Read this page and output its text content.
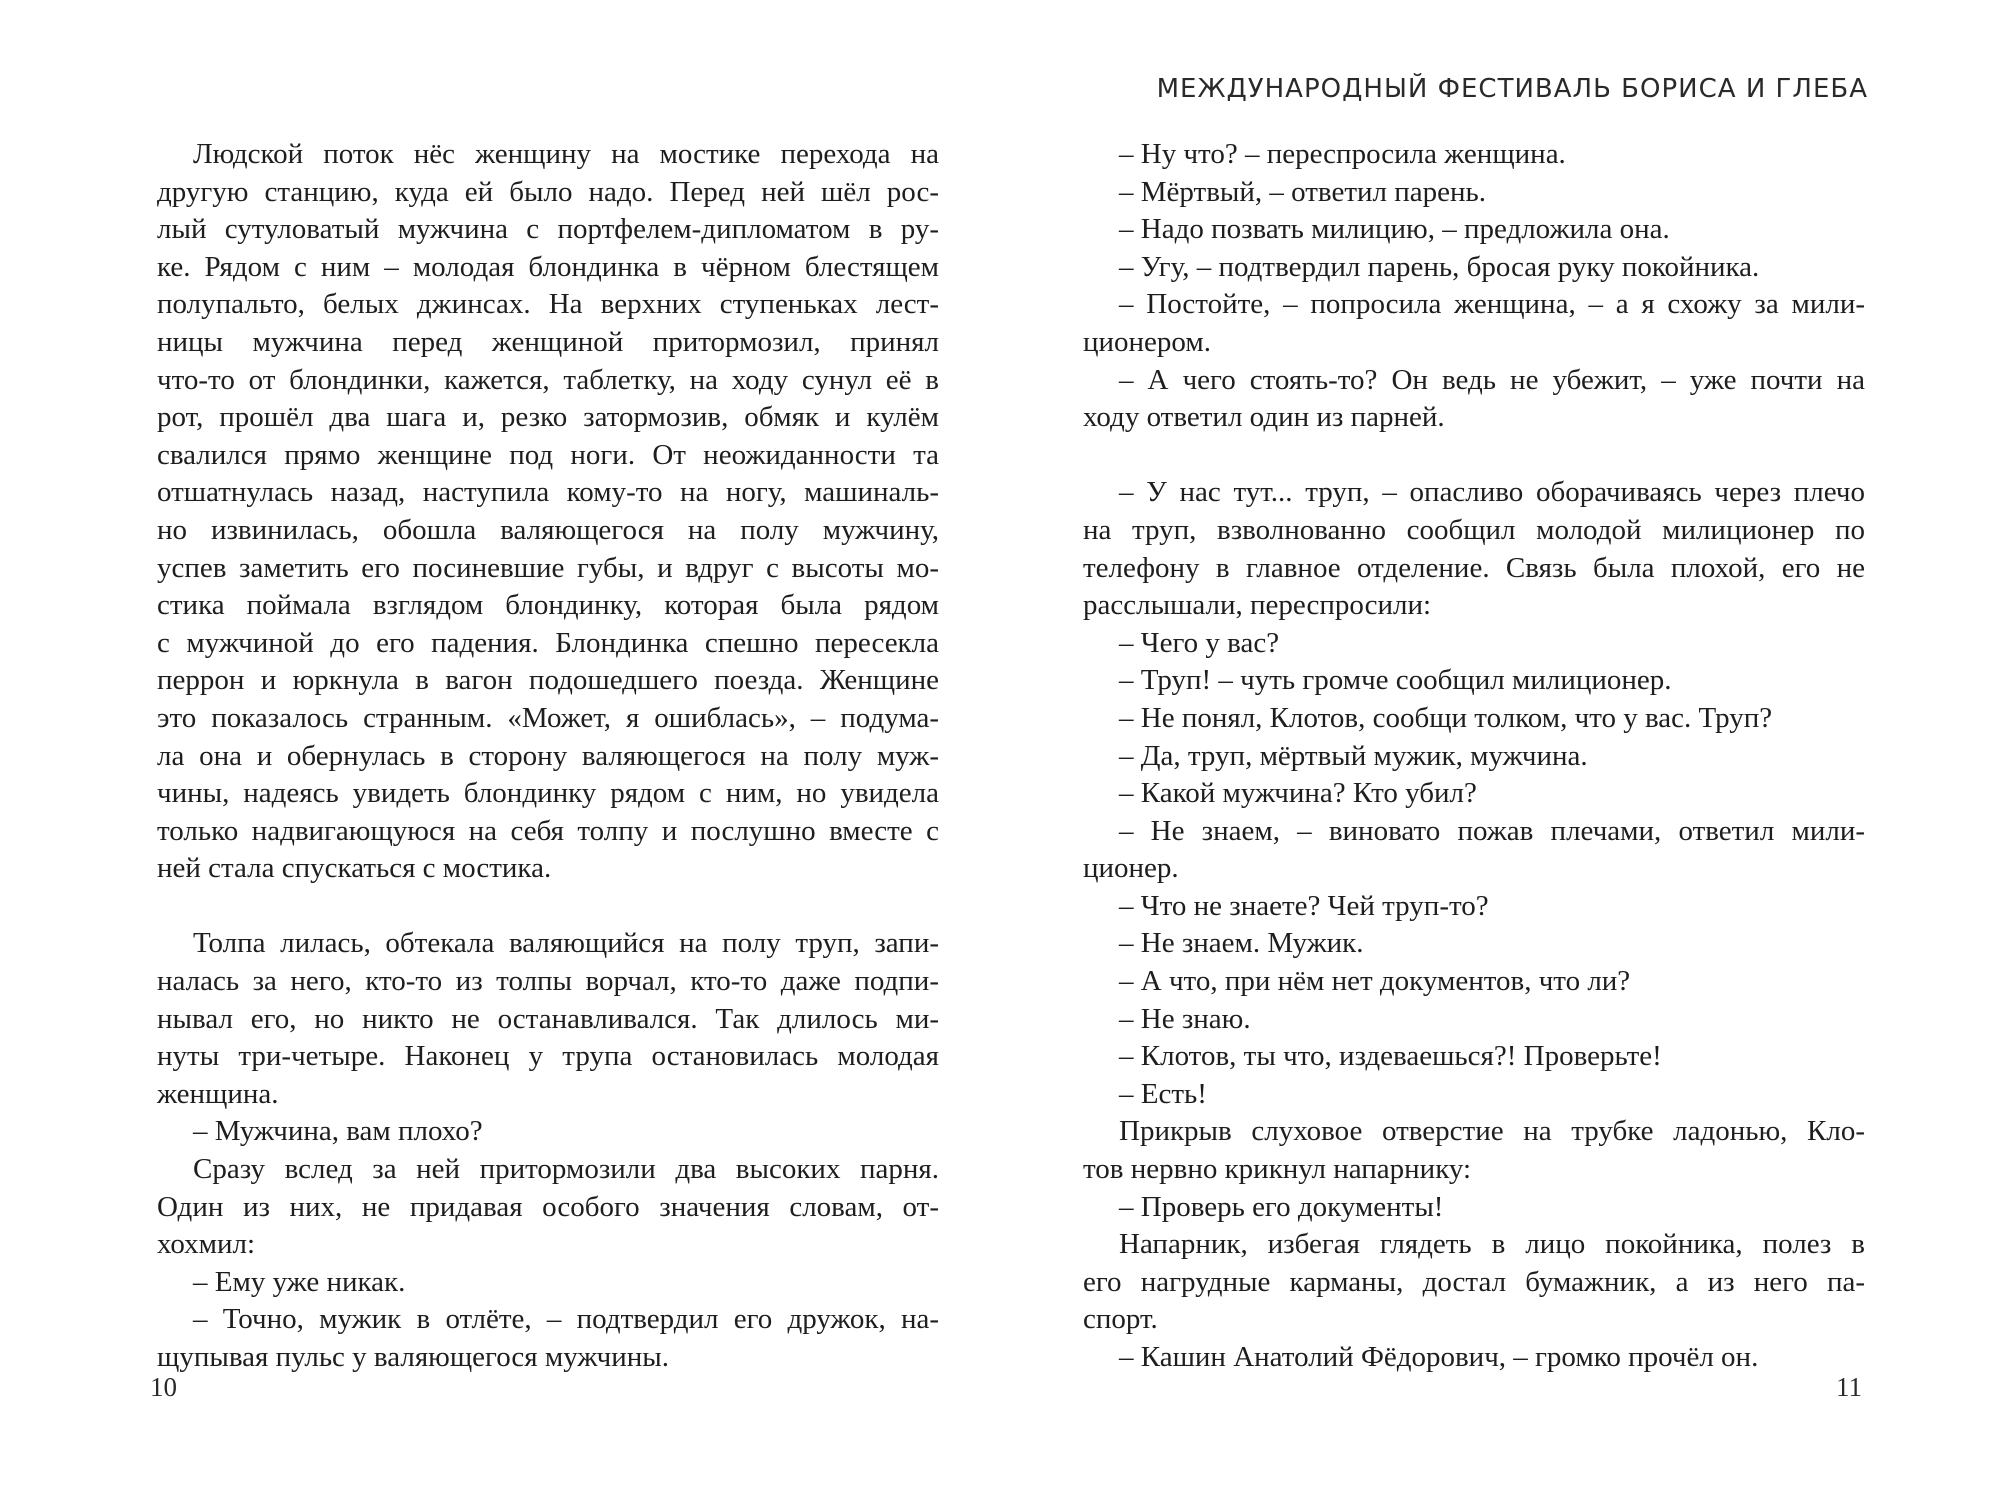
Людской поток нёс женщину на мостике перехода на
другую станцию, куда ей было надо. Перед ней шёл рос-
лый сутуловатый мужчина с портфелем-дипломатом в ру-
ке. Рядом с ним – молодая блондинка в чёрном блестящем
полупальто, белых джинсах. На верхних ступеньках лест-
ницы мужчина перед женщиной притормозил, принял
что-то от блондинки, кажется, таблетку, на ходу сунул её в
рот, прошёл два шага и, резко затормозив, обмяк и кулём
свалился прямо женщине под ноги. От неожиданности та
отшатнулась назад, наступила кому-то на ногу, машиналь-
но извинилась, обошла валяющегося на полу мужчину,
успев заметить его посиневшие губы, и вдруг с высоты мо-
стика поймала взглядом блондинку, которая была рядом
с мужчиной до его падения. Блондинка спешно пересекла
перрон и юркнула в вагон подошедшего поезда. Женщине
это показалось странным. «Может, я ошиблась», – подума-
ла она и обернулась в сторону валяющегося на полу муж-
чины, надеясь увидеть блондинку рядом с ним, но увидела
только надвигающуюся на себя толпу и послушно вместе с
ней стала спускаться с мостика.
Толпа лилась, обтекала валяющийся на полу труп, запи-
налась за него, кто-то из толпы ворчал, кто-то даже подпи-
нывал его, но никто не останавливался. Так длилось ми-
нуты три-четыре. Наконец у трупа остановилась молодая
женщина.
– Мужчина, вам плохо?
Сразу вслед за ней притормозили два высоких парня.
Один из них, не придавая особого значения словам, от-
хохмил:
– Ему уже никак.
– Точно, мужик в отлёте, – подтвердил его дружок, на-
щупывая пульс у валяющегося мужчины.
10
МЕЖДУНАРОДНЫЙ ФЕСТИВАЛЬ БОРИСА И ГЛЕБА
– Ну что? – переспросила женщина.
– Мёртвый, – ответил парень.
– Надо позвать милицию, – предложила она.
– Угу, – подтвердил парень, бросая руку покойника.
– Постойте, – попросила женщина, – а я схожу за мили-
ционером.
– А чего стоять-то? Он ведь не убежит, – уже почти на
ходу ответил один из парней.
– У нас тут... труп, – опасливо оборачиваясь через плечо
на труп, взволнованно сообщил молодой милиционер по
телефону в главное отделение. Связь была плохой, его не
расслышали, переспросили:
– Чего у вас?
– Труп! – чуть громче сообщил милиционер.
– Не понял, Клотов, сообщи толком, что у вас. Труп?
– Да, труп, мёртвый мужик, мужчина.
– Какой мужчина? Кто убил?
– Не знаем, – виновато пожав плечами, ответил мили-
ционер.
– Что не знаете? Чей труп-то?
– Не знаем. Мужик.
– А что, при нём нет документов, что ли?
– Не знаю.
– Клотов, ты что, издеваешься?! Проверьте!
– Есть!
Прикрыв слуховое отверстие на трубке ладонью, Кло-
тов нервно крикнул напарнику:
– Проверь его документы!
Напарник, избегая глядеть в лицо покойника, полез в
его нагрудные карманы, достал бумажник, а из него па-
спорт.
– Кашин Анатолий Фёдорович, – громко прочёл он.
11
